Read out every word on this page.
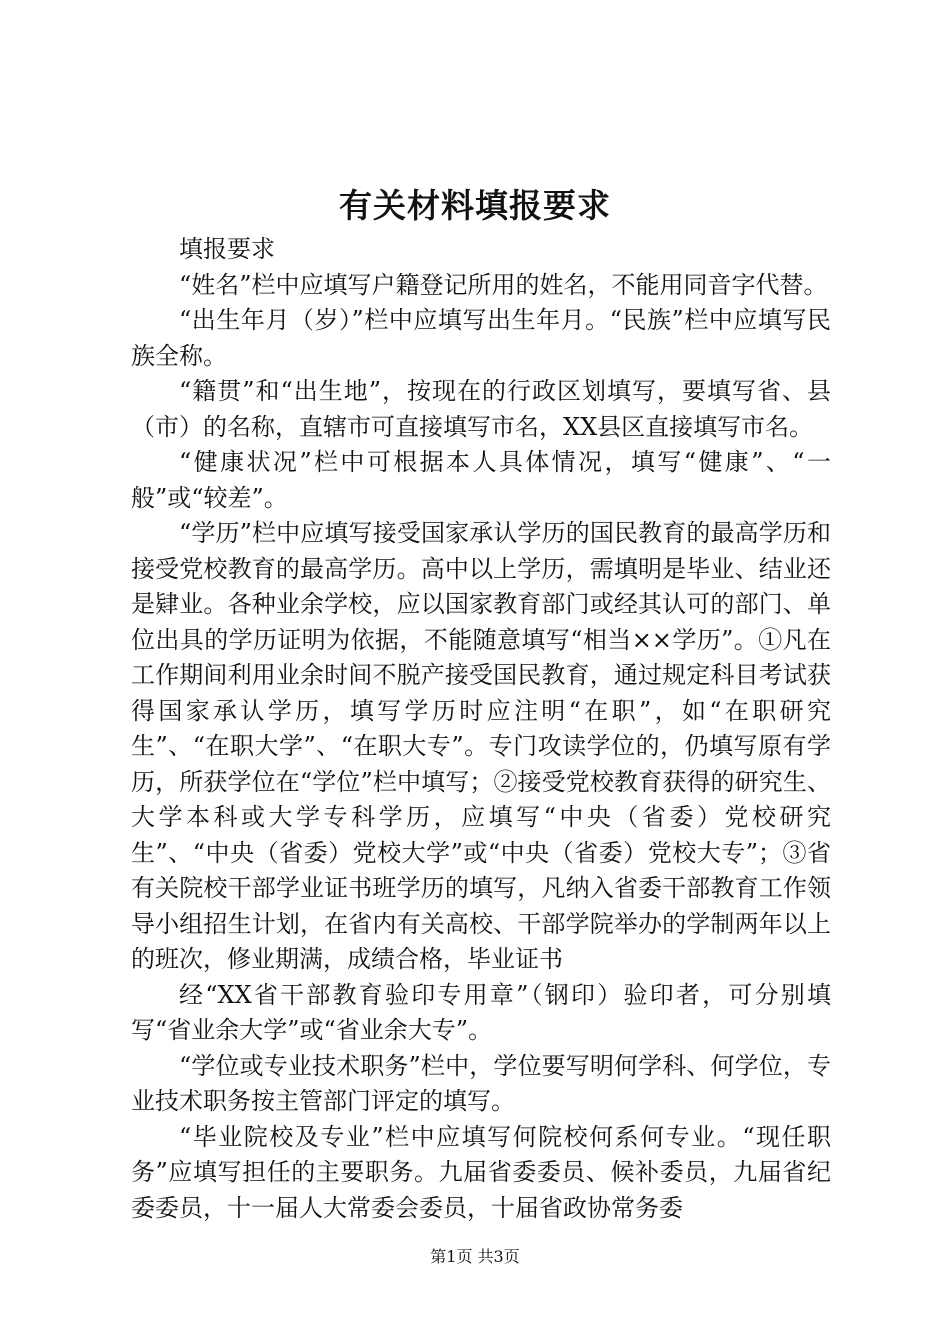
有关材料填报要求

填报要求

“姓名”栏中应填写户籍登记所用的姓名，不能用同音字代替。

“出生年月（岁）”栏中应填写出生年月。“民族”栏中应填写民族全称。

“籍贯”和“出生地”，按现在的行政区划填写，要填写省、县（市）的名称，直辖市可直接填写市名，XX县区直接填写市名。

“健康状况”栏中可根据本人具体情况，填写“健康”、“一般”或“较差”。

“学历”栏中应填写接受国家承认学历的国民教育的最高学历和接受党校教育的最高学历。高中以上学历，需填明是毕业、结业还是肄业。各种业余学校，应以国家教育部门或经其认可的部门、单位出具的学历证明为依据，不能随意填写“相当××学历”。①凡在工作期间利用业余时间不脱产接受国民教育，通过规定科目考试获得国家承认学历，填写学历时应注明“在职”，如“在职研究生”、“在职大学”、“在职大专”。专门攻读学位的，仍填写原有学历，所获学位在“学位”栏中填写；②接受党校教育获得的研究生、大学本科或大学专科学历，应填写“中央（省委）党校研究生”、“中央（省委）党校大学”或“中央（省委）党校大专”；③省有关院校干部学业证书班学历的填写，凡纳入省委干部教育工作领导小组招生计划，在省内有关高校、干部学院举办的学制两年以上的班次，修业期满，成绩合格，毕业证书

经“XX省干部教育验印专用章”（钢印）验印者，可分别填写“省业余大学”或“省业余大专”。

“学位或专业技术职务”栏中，学位要写明何学科、何学位，专业技术职务按主管部门评定的填写。

“毕业院校及专业”栏中应填写何院校何系何专业。“现任职务”应填写担任的主要职务。九届省委委员、候补委员，九届省纪委委员，十一届人大常委会委员，十届省政协常务委

第1页 共3页
